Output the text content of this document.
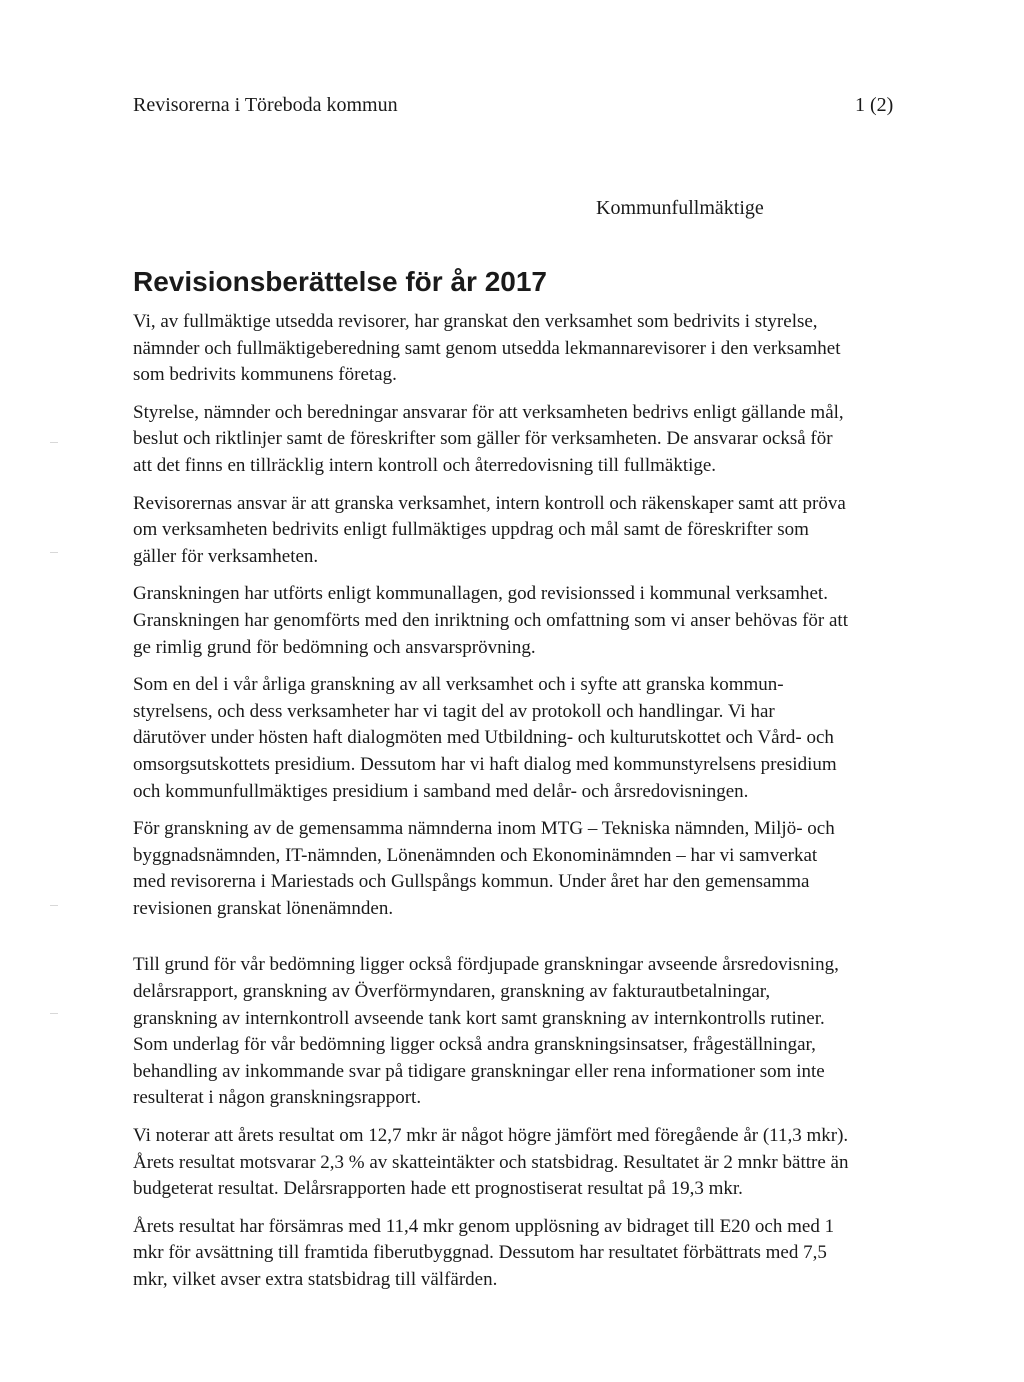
Revisorerna i Töreboda kommun	1 (2)
Kommunfullmäktige
Revisionsberättelse för år 2017

Vi, av fullmäktige utsedda revisorer, har granskat den verksamhet som bedrivits i styrelse,
nämnder och fullmäktigeberedning samt genom utsedda lekmannarevisorer i den verksamhet
som bedrivits kommunens företag.

Styrelse, nämnder och beredningar ansvarar för att verksamheten bedrivs enligt gällande mål,
beslut och riktlinjer samt de föreskrifter som gäller för verksamheten. De ansvarar också för
att det finns en tillräcklig intern kontroll och återredovisning till fullmäktige.

Revisorernas ansvar är att granska verksamhet, intern kontroll och räkenskaper samt att pröva
om verksamheten bedrivits enligt fullmäktiges uppdrag och mål samt de föreskrifter som
gäller för verksamheten.

Granskningen har utförts enligt kommunallagen, god revisionssed i kommunal verksamhet.
Granskningen har genomförts med den inriktning och omfattning som vi anser behövas för att
ge rimlig grund för bedömning och ansvarsprövning.

Som en del i vår årliga granskning av all verksamhet och i syfte att granska kommun-
styrelsens, och dess verksamheter har vi tagit del av protokoll och handlingar. Vi har
därutöver under hösten haft dialogmöten med Utbildning- och kulturutskottet och Vård- och
omsorgsutskottets presidium. Dessutom har vi haft dialog med kommunstyrelsens presidium
och kommunfullmäktiges presidium i samband med delår- och årsredovisningen.

För granskning av de gemensamma nämnderna inom MTG – Tekniska nämnden, Miljö- och
byggnadsnämnden, IT-nämnden, Lönenämnden och Ekonominämnden – har vi samverkat
med revisorerna i Mariestads och Gullspångs kommun. Under året har den gemensamma
revisionen granskat lönenämnden.

Till grund för vår bedömning ligger också fördjupade granskningar avseende årsredovisning,
delårsrapport, granskning av Överförmyndaren, granskning av fakturautbetalningar,
granskning av internkontroll avseende tank kort samt granskning av internkontrolls rutiner.
Som underlag för vår bedömning ligger också andra granskningsinsatser, frågeställningar,
behandling av inkommande svar på tidigare granskningar eller rena informationer som inte
resulterat i någon granskningsrapport.

Vi noterar att årets resultat om 12,7 mkr är något högre jämfört med föregående år (11,3 mkr).
Årets resultat motsvarar 2,3 % av skatteintäkter och statsbidrag. Resultatet är 2 mnkr bättre än
budgeterat resultat. Delårsrapporten hade ett prognostiserat resultat på 19,3 mkr.

Årets resultat har försämras med 11,4 mkr genom upplösning av bidraget till E20 och med 1
mkr för avsättning till framtida fiberutbyggnad. Dessutom har resultatet förbättrats med 7,5
mkr, vilket avser extra statsbidrag till välfärden.
